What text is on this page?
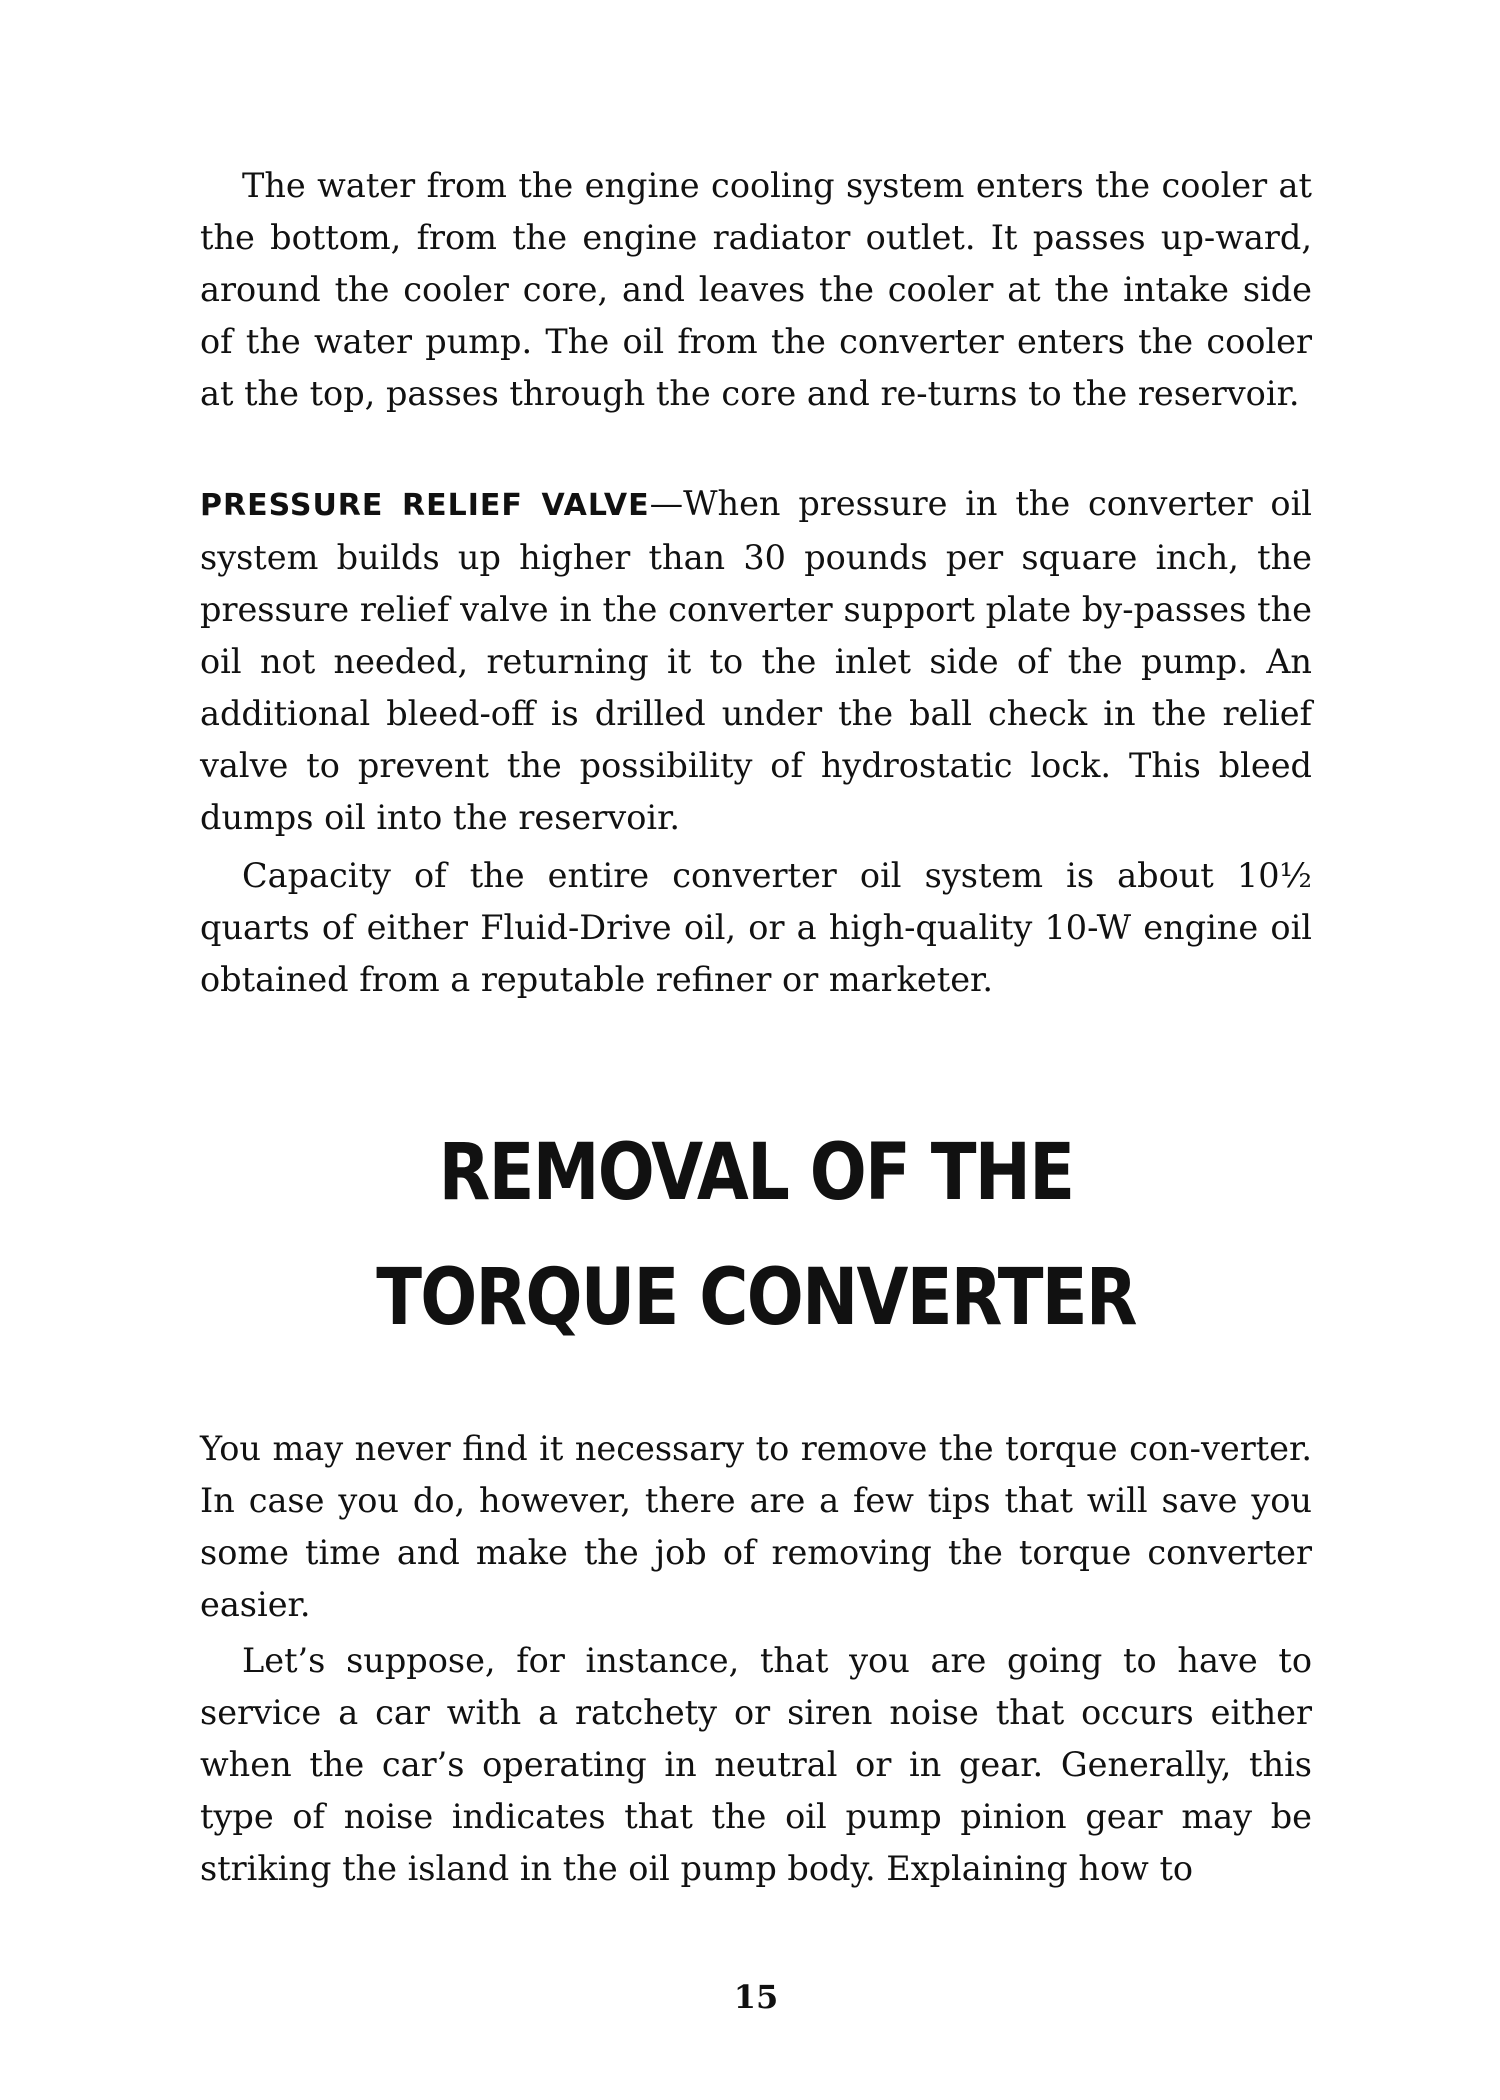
The water from the engine cooling system enters the cooler at the bottom, from the engine radiator outlet. It passes up-ward, around the cooler core, and leaves the cooler at the intake side of the water pump. The oil from the converter enters the cooler at the top, passes through the core and re-turns to the reservoir.

PRESSURE RELIEF VALVE—When pressure in the converter oil system builds up higher than 30 pounds per square inch, the pressure relief valve in the converter support plate by-passes the oil not needed, returning it to the inlet side of the pump. An additional bleed-off is drilled under the ball check in the relief valve to prevent the possibility of hydrostatic lock. This bleed dumps oil into the reservoir.

Capacity of the entire converter oil system is about 10½ quarts of either Fluid-Drive oil, or a high-quality 10-W engine oil obtained from a reputable refiner or marketer.

REMOVAL OF THE
TORQUE CONVERTER

You may never find it necessary to remove the torque con-verter. In case you do, however, there are a few tips that will save you some time and make the job of removing the torque converter easier.

Let’s suppose, for instance, that you are going to have to service a car with a ratchety or siren noise that occurs either when the car’s operating in neutral or in gear. Generally, this type of noise indicates that the oil pump pinion gear may be striking the island in the oil pump body. Explaining how to

15
